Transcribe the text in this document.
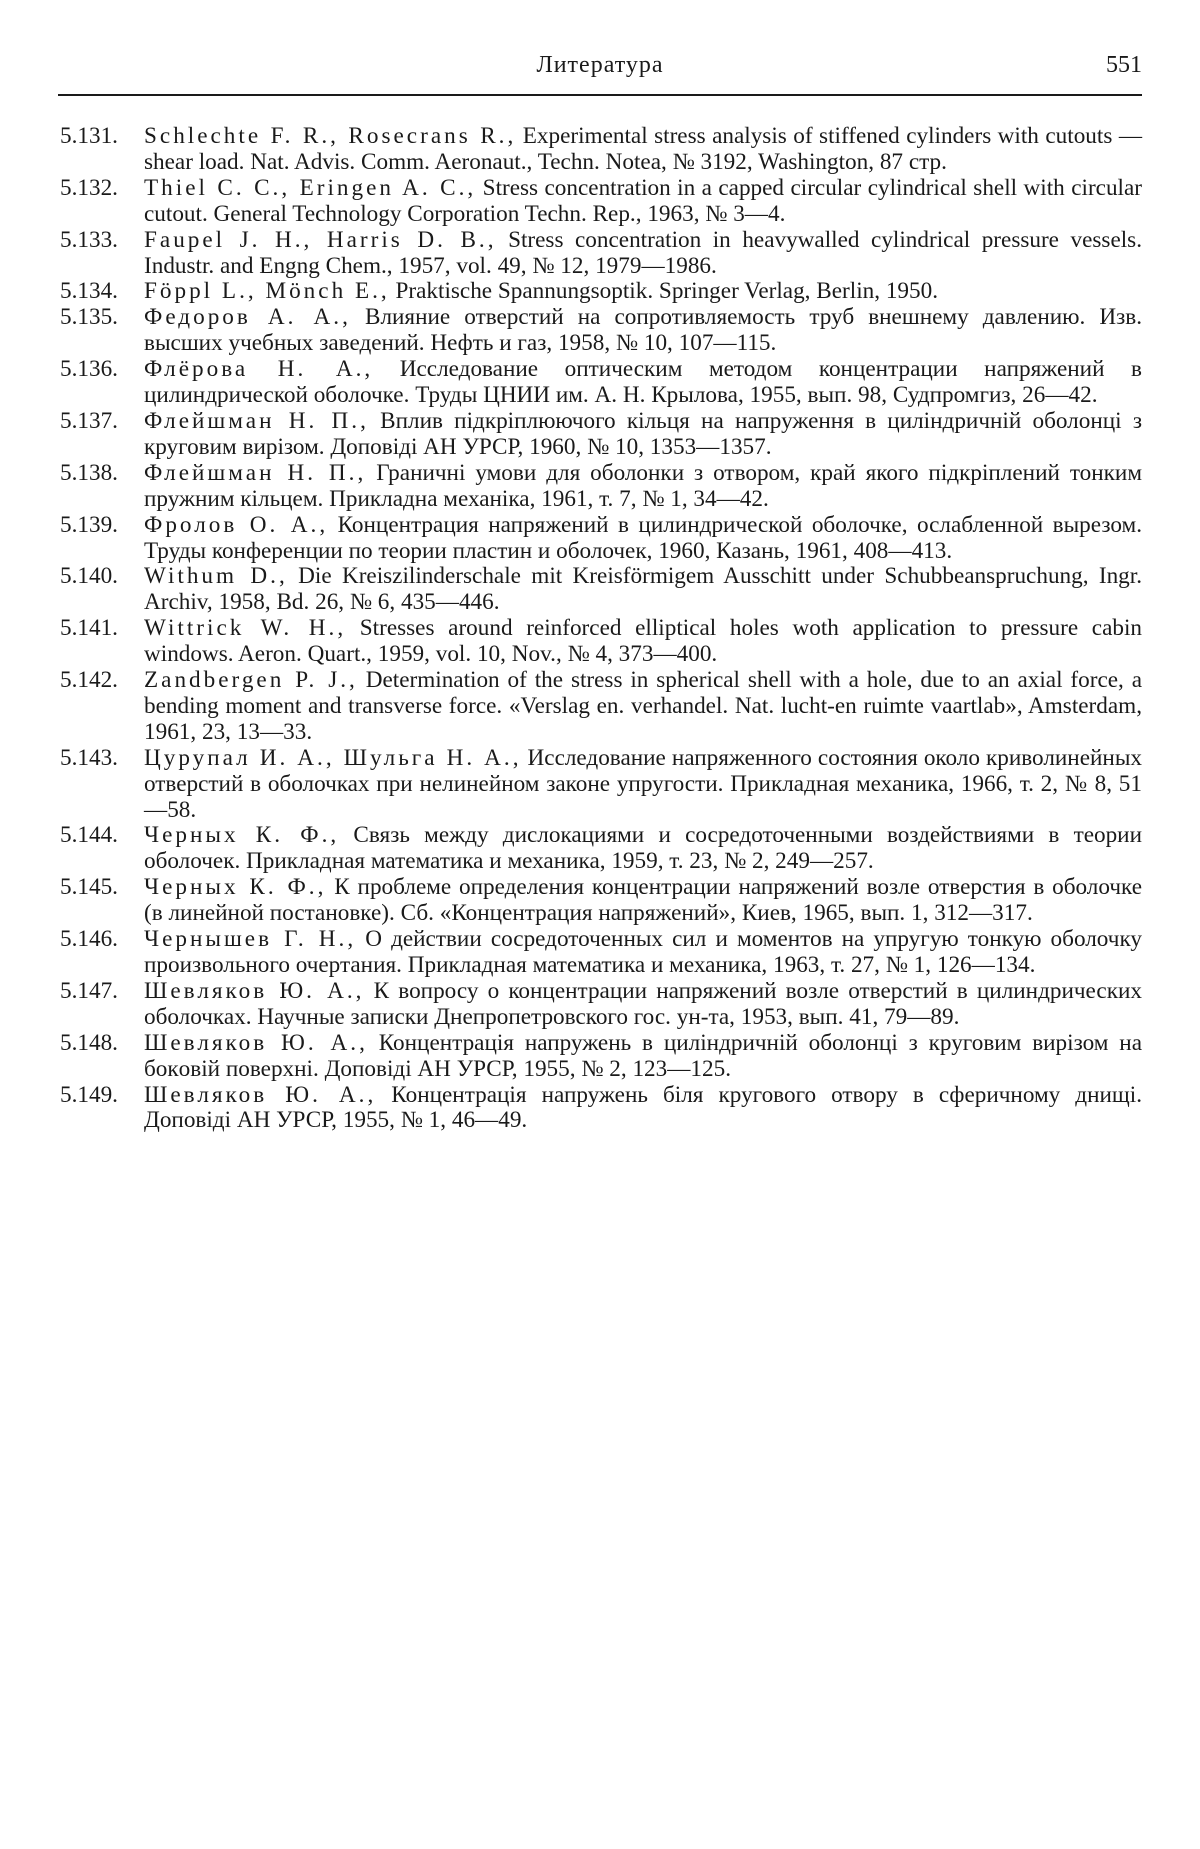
Литература	551
5.131. Schlechte F. R., Rosecrans R., Experimental stress analysis of stiffened cylinders with cutouts — shear load. Nat. Advis. Comm. Aeronaut., Techn. Notea, № 3192, Washington, 87 стр.
5.132. Thiel C. C., Eringen A. C., Stress concentration in a capped circular cylindrical shell with circular cutout. General Technology Corporation Techn. Rep., 1963, № 3—4.
5.133. Faupel J. H., Harris D. B., Stress concentration in heavywalled cylindrical pressure vessels. Industr. and Engng Chem., 1957, vol. 49, № 12, 1979—1986.
5.134. Föppl L., Mönch E., Praktische Spannungsoptik. Springer Verlag, Berlin, 1950.
5.135. Федоров А. А., Влияние отверстий на сопротивляемость труб внешнему давлению. Изв. высших учебных заведений. Нефть и газ, 1958, № 10, 107—115.
5.136. Флёрова Н. А., Исследование оптическим методом концентрации напряжений в цилиндрической оболочке. Труды ЦНИИ им. А. Н. Крылова, 1955, вып. 98, Судпромгиз, 26—42.
5.137. Флейшман Н. П., Вплив пiдкрiплюючого кiльця на напруження в цилiндричнiй оболонцi з круговим вирiзом. Доповiдi АН УРСР, 1960, № 10, 1353—1357.
5.138. Флейшман Н. П., Граничнi умови для оболонки з отвором, край якого пiдкрiплений тонким пружним кiльцем. Прикладна механiка, 1961, т. 7, № 1, 34—42.
5.139. Фролов О. А., Концентрация напряжений в цилиндрической оболочке, ослабленной вырезом. Труды конференции по теории пластин и оболочек, 1960, Казань, 1961, 408—413.
5.140. Withum D., Die Kreiszilinderschale mit Kreisförmigem Ausschitt under Schubbeanspruchung, Ingr. Archiv, 1958, Bd. 26, № 6, 435—446.
5.141. Wittrick W. H., Stresses around reinforced elliptical holes woth application to pressure cabin windows. Aeron. Quart., 1959, vol. 10, Nov., № 4, 373—400.
5.142. Zandbergen P. J., Determination of the stress in spherical shell with a hole, due to an axial force, a bending moment and transverse force. «Verslag en. verhandel. Nat. lucht-en ruimte vaartlab», Amsterdam, 1961, 23, 13—33.
5.143. Цурупал И. А., Шульга Н. А., Исследование напряженного состояния около криволинейных отверстий в оболочках при нелинейном законе упругости. Прикладная механика, 1966, т. 2, № 8, 51—58.
5.144. Черных К. Ф., Связь между дислокациями и сосредоточенными воздействиями в теории оболочек. Прикладная математика и механика, 1959, т. 23, № 2, 249—257.
5.145. Черных К. Ф., К проблеме определения концентрации напряжений возле отверстия в оболочке (в линейной постановке). Сб. «Концентрация напряжений», Киев, 1965, вып. 1, 312—317.
5.146. Чернышев Г. Н., О действии сосредоточенных сил и моментов на упругую тонкую оболочку произвольного очертания. Прикладная математика и механика, 1963, т. 27, № 1, 126—134.
5.147. Шевляков Ю. А., К вопросу о концентрации напряжений возле отверстий в цилиндрических оболочках. Научные записки Днепропетровского гос. ун-та, 1953, вып. 41, 79—89.
5.148. Шевляков Ю. А., Концентрацiя напружень в цилiндричнiй оболонцi з круговим вирiзом на бокoвiй поверхнi. Доповiдi АН УРСР, 1955, № 2, 123—125.
5.149. Шевляков Ю. А., Концентрацiя напружень бiля кругового отвору в сферичному днищi. Доповiдi АН УРСР, 1955, № 1, 46—49.
